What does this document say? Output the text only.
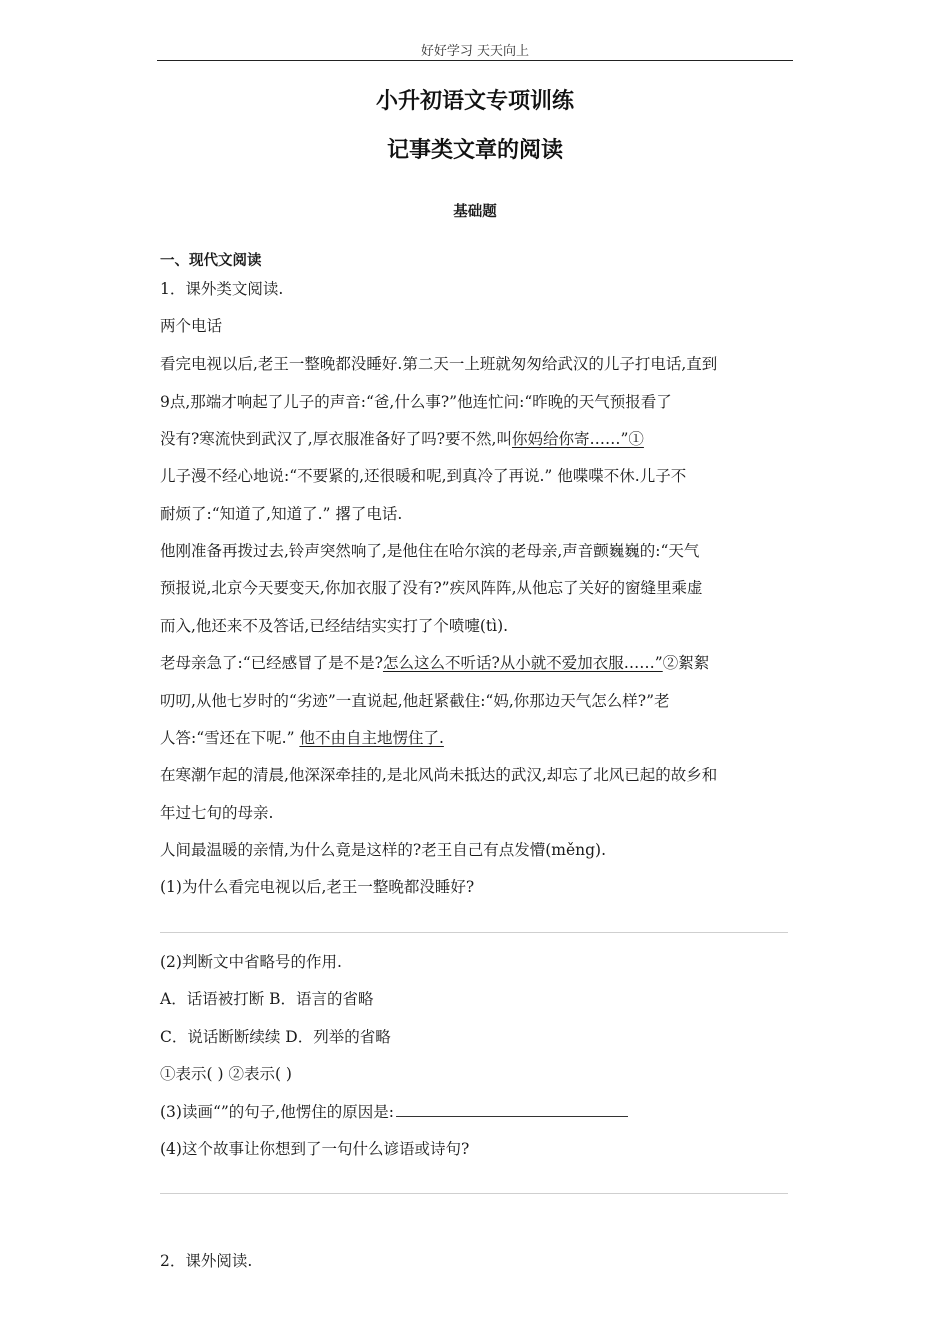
好好学习 天天向上
小升初语文专项训练
记事类文章的阅读
基础题
一、现代文阅读
1．课外类文阅读.
两个电话
看完电视以后,老王一整晚都没睡好.第二天一上班就匆匆给武汉的儿子打电话,直到
9点,那端才响起了儿子的声音:“爸,什么事?”他连忙问:“昨晚的天气预报看了
没有?寒流快到武汉了,厚衣服准备好了吗?要不然,叫你妈给你寄……”①
儿子漫不经心地说:“不要紧的,还很暖和呢,到真冷了再说.” 他喋喋不休.儿子不
耐烦了:“知道了,知道了.” 撂了电话.
他刚准备再拨过去,铃声突然响了,是他住在哈尔滨的老母亲,声音颤巍巍的:“天气
预报说,北京今天要变天,你加衣服了没有?”疾风阵阵,从他忘了关好的窗缝里乘虚
而入,他还来不及答话,已经结结实实打了个喷嚏(tì).
老母亲急了:“已经感冒了是不是?怎么这么不听话?从小就不爱加衣服……”②絮絮
叨叨,从他七岁时的“劣迹”一直说起,他赶紧截住:“妈,你那边天气怎么样?”老
人答:“雪还在下呢.” 他不由自主地愣住了.
在寒潮乍起的清晨,他深深牵挂的,是北风尚未抵达的武汉,却忘了北风已起的故乡和
年过七旬的母亲.
人间最温暖的亲情,为什么竟是这样的?老王自己有点发懵(měng).
(1)为什么看完电视以后,老王一整晚都没睡好?
(2)判断文中省略号的作用.
A．话语被打断 B．语言的省略
C．说话断断续续 D．列举的省略
①表示( ) ②表示( )
(3)读画“”的句子,他愣住的原因是:
(4)这个故事让你想到了一句什么谚语或诗句?
2．课外阅读.
